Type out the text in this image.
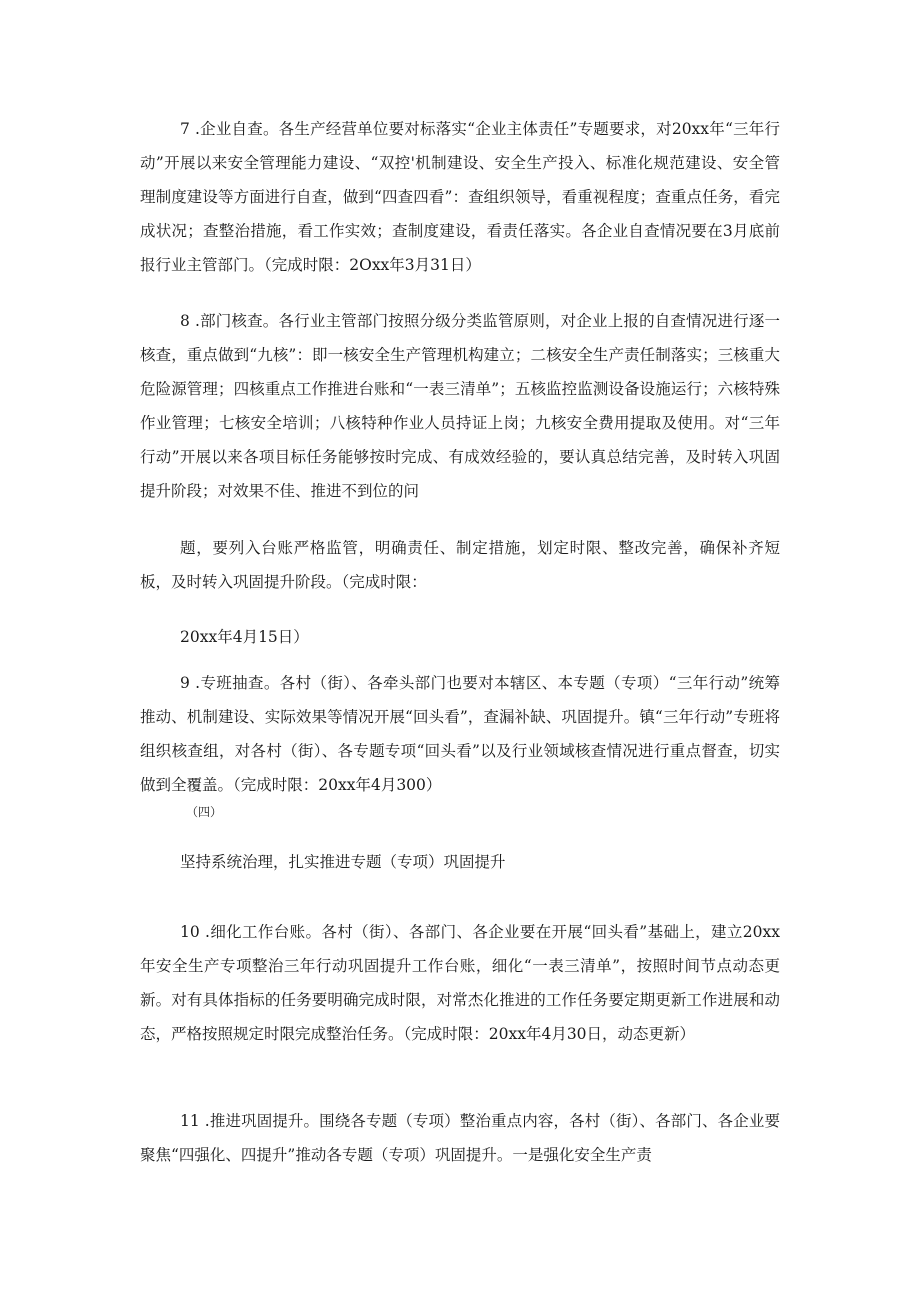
7 .企业自查。各生产经营单位要对标落实“企业主体责任”专题要求，对20xx年“三年行动”开展以来安全管理能力建设、“双控'机制建设、安全生产投入、标准化规范建设、安全管理制度建设等方面进行自查，做到“四查四看”：查组织领导，看重视程度；查重点任务，看完成状况；查整治措施，看工作实效；查制度建设，看责任落实。各企业自查情况要在3月底前报行业主管部门。（完成时限：2Oxx年3月31日）

8 .部门核查。各行业主管部门按照分级分类监管原则，对企业上报的自查情况进行逐一核查，重点做到“九核”：即一核安全生产管理机构建立；二核安全生产责任制落实；三核重大危险源管理；四核重点工作推进台账和“一表三清单”；五核监控监测设备设施运行；六核特殊作业管理；七核安全培训；八核特种作业人员持证上岗；九核安全费用提取及使用。对“三年行动”开展以来各项目标任务能够按时完成、有成效经验的，要认真总结完善，及时转入巩固提升阶段；对效果不佳、推进不到位的问

题，要列入台账严格监管，明确责任、制定措施，划定时限、整改完善，确保补齐短板，及时转入巩固提升阶段。（完成时限：

20xx年4月15日）

9 .专班抽查。各村（街）、各牵头部门也要对本辖区、本专题（专项）“三年行动”统筹推动、机制建设、实际效果等情况开展“回头看”，查漏补缺、巩固提升。镇“三年行动”专班将组织核查组，对各村（街）、各专题专项“回头看”以及行业领域核查情况进行重点督查，切实做到全覆盖。（完成时限：20xx年4月300）

（四）

坚持系统治理，扎实推进专题（专项）巩固提升

10 .细化工作台账。各村（街）、各部门、各企业要在开展“回头看”基础上，建立20xx年安全生产专项整治三年行动巩固提升工作台账，细化“一表三清单”，按照时间节点动态更新。对有具体指标的任务要明确完成时限，对常杰化推进的工作任务要定期更新工作进展和动态，严格按照规定时限完成整治任务。（完成时限：20xx年4月30日，动态更新）

11 .推进巩固提升。围绕各专题（专项）整治重点内容，各村（街）、各部门、各企业要聚焦“四强化、四提升”推动各专题（专项）巩固提升。一是强化安全生产责
